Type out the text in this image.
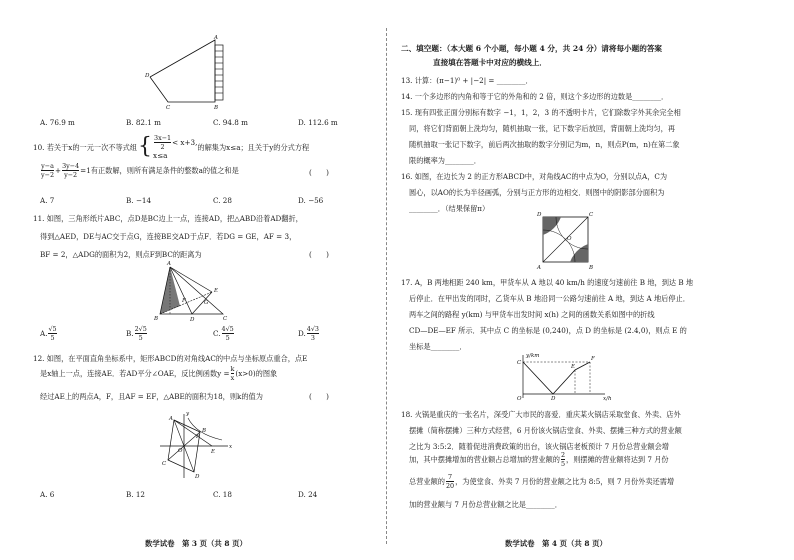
D
C	B
A
A. 76.9 m	B. 82.1 m	C. 94.8 m	D. 112.6 m
10. 若关于x的一元一次不等式组 { $\frac{3x-1}{2} < x+3$,
x≤a
的解集为x≤a；且关于y的分式方程
$\frac{y-a}{y-2} + \frac{3y-4}{y-2} =1$有正数解，则所有满足条件的整数a的值之和是	(　　)
A. 7	B. −14	C. 28	D. −56
11. 如图，三角形纸片ABC，点D是BC边上一点，连接AD，把△ABD沿着AD翻折，
得到△AED，DE与AC交于点G，连接BE交AD于点F．若DG = GE，AF = 3，
BF = 2，△ADG的面积为2，则点F到BC的距离为	(　　)
A
E
F	G
B	D	C
A. $\frac{√5}{5}$	B. $\frac{2√5}{5}$	C. $\frac{4√5}{5}$	D. $\frac{4√3}{3}$
12. 如图，在平面直角坐标系中，矩形ABCD的对角线AC的中点与坐标原点重合，点E
是x轴上一点，连接AE．若AD平分∠OAE，反比例函数$y = \frac{k}{x} (x>0)$的图象
经过AE上的两点A，F，且AF = EF，△ABE的面积为18，则k的值为	(　　)
y
A
O
F
E
x
C
B
D
A. 6	B. 12	C. 18	D. 24
数学试卷　第 3 页（共 8 页）
二、填空题：（本大题 6 个小题，每小题 4 分，共 24 分）请将每小题的答案
直接填在答题卡中对应的横线上．
13. 计算：(π−1)⁰ + |−2| = ________．
14. 一个多边形的内角和等于它的外角和的 2 倍，则这个多边形的边数是________．
15. 现有四张正面分别标有数字 −1，1，2，3 的不透明卡片，它们除数字外其余完全相
同，将它们背面朝上洗均匀，随机抽取一张，记下数字后放回，背面朝上洗均匀，再
随机抽取一张记下数字，前后两次抽取的数字分别记为m，n，则点P(m，n)在第二象
限的概率为________．
16. 如图，在边长为 2 的正方形ABCD中，对角线AC的中点为O，分别以点A，C为
圆心，以AO的长为半径画弧，分别与正方形的边相交．则图中的阴影部分面积为
________．（结果保留π）
D	C
O
A	B
17. A，B 两地相距 240 km，甲货车从 A 地以 40 km/h 的速度匀速前往 B 地，到达 B 地
后停止．在甲出发的同时，乙货车从 B 地沿同一公路匀速前往 A 地，到达 A 地后停止．
两车之间的路程 y(km) 与甲货车出发时间 x(h) 之间的函数关系如图中的折线
CD—DE—EF 所示．其中点 C 的坐标是 (0,240)，点 D 的坐标是 (2.4,0)，则点 E 的
坐标是________．
y/km
C
E
F
O	D	x/h
18. 火锅是重庆的一张名片，深受广大市民的喜爱．重庆某火锅店采取堂食、外卖、店外
摆摊（简称摆摊）三种方式经营，6 月份该火锅店堂食、外卖、摆摊三种方式的营业额
之比为 3:5:2．随着促进消费政策的出台，该火锅店老板预计 7 月份总营业额会增
加，其中摆摊增加的营业额占总增加的营业额的 $\frac{2}{5}$ ，则摆摊的营业额将达到 7 月份
总营业额的 $\frac{7}{20}$ ，为使堂食、外卖 7 月份的营业额之比为 8:5，则 7 月份外卖还需增
加的营业额与 7 月份总营业额之比是________．
数学试卷　第 4 页（共 8 页）
